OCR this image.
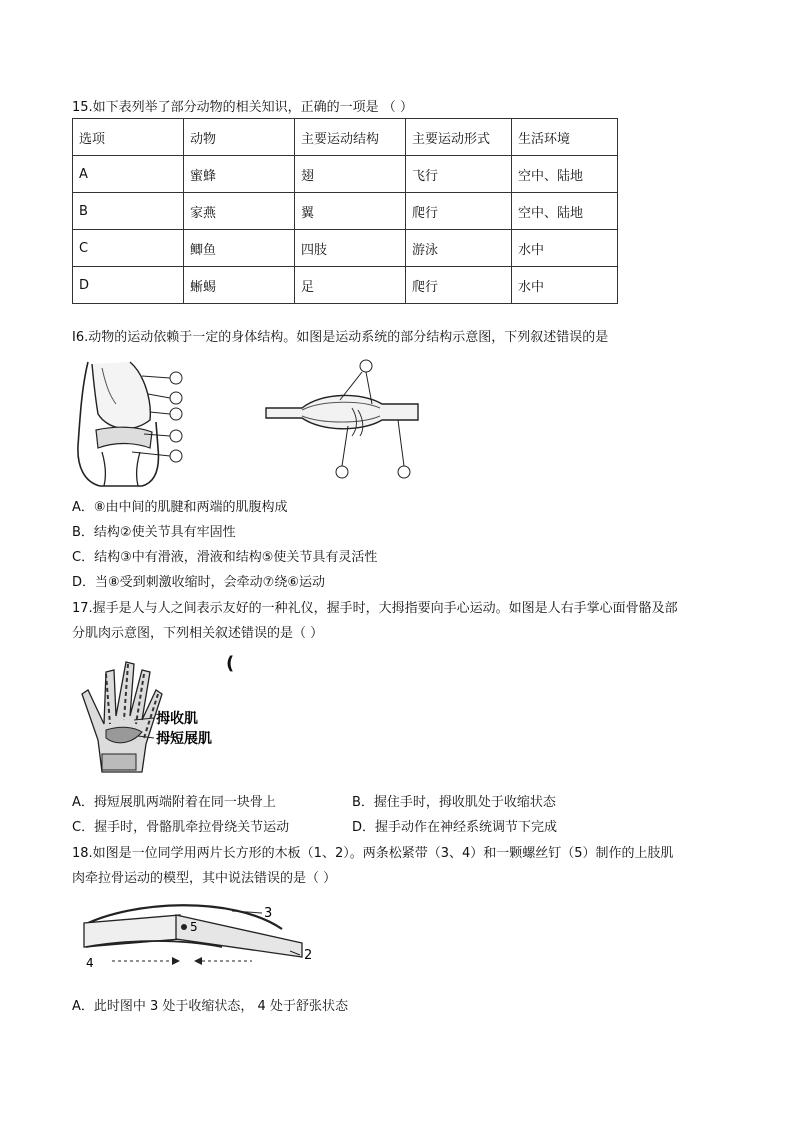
15.如下表列举了部分动物的相关知识，正确的一项是 （ ）
选项	动物	主要运动结构	主要运动形式	生活环境
A	蜜蜂	翅	飞行	空中、陆地
B	家燕	翼	爬行	空中、陆地
C	鲫鱼	四肢	游泳	水中
D	蜥蜴	足	爬行	水中
I6.动物的运动依赖于一定的身体结构。如图是运动系统的部分结构示意图，下列叙述错误的是
A．⑧由中间的肌腱和两端的肌腹构成
B．结构②使关节具有牢固性
C．结构③中有滑液，滑液和结构⑤使关节具有灵活性
D．当⑧受到刺激收缩时，会牵动⑦绕⑥运动
17.握手是人与人之间表示友好的一种礼仪，握手时，大拇指要向手心运动。如图是人右手掌心面骨骼及部
分肌肉示意图，下列相关叙述错误的是（ ）
拇收肌
拇短展肌
(
A．拇短展肌两端附着在同一块骨上	B．握住手时，拇收肌处于收缩状态
C．握手时，骨骼肌牵拉骨绕关节运动	D．握手动作在神经系统调节下完成
18.如图是一位同学用两片长方形的木板（1、2）。两条松紧带（3、4）和一颗螺丝钉（5）制作的上肢肌
肉牵拉骨运动的模型，其中说法错误的是（ ）
3
5
4	2
A．此时图中 3 处于收缩状态， 4 处于舒张状态
